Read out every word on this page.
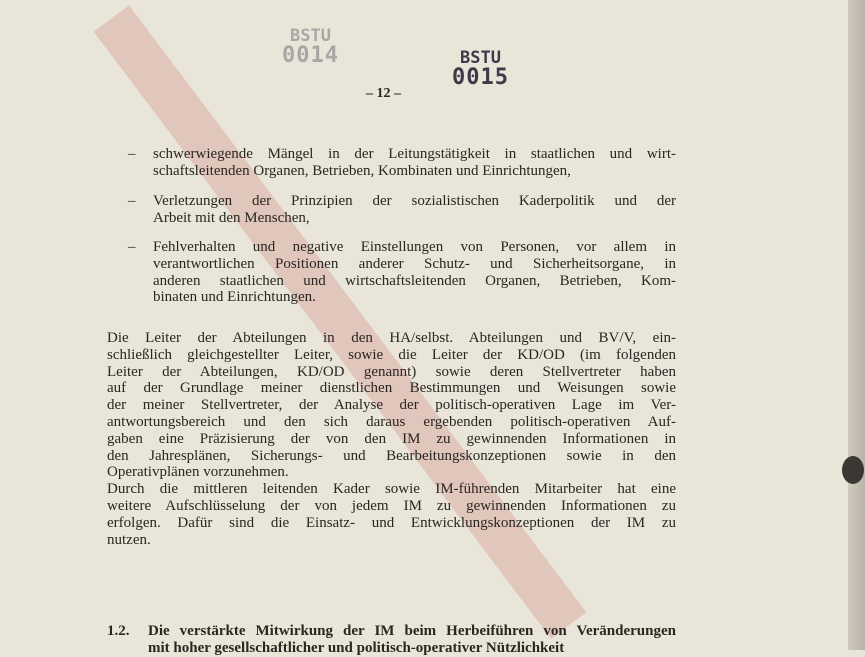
BSTU
0014	BSTU
0015
– 12 –
– schwerwiegende Mängel in der Leitungstätigkeit in staatlichen und wirt-
schaftsleitenden Organen, Betrieben, Kombinaten und Einrichtungen,
– Verletzungen der Prinzipien der sozialistischen Kaderpolitik und der
Arbeit mit den Menschen,
– Fehlverhalten und negative Einstellungen von Personen, vor allem in
verantwortlichen Positionen anderer Schutz- und Sicherheitsorgane, in
anderen staatlichen und wirtschaftsleitenden Organen, Betrieben, Kom-
binaten und Einrichtungen.
Die Leiter der Abteilungen in den HA/selbst. Abteilungen und BV/V, ein-
schließlich gleichgestellter Leiter, sowie die Leiter der KD/OD (im folgenden
Leiter der Abteilungen, KD/OD genannt) sowie deren Stellvertreter haben
auf der Grundlage meiner dienstlichen Bestimmungen und Weisungen sowie
der meiner Stellvertreter, der Analyse der politisch-operativen Lage im Ver-
antwortungsbereich und den sich daraus ergebenden politisch-operativen Auf-
gaben eine Präzisierung der von den IM zu gewinnenden Informationen in
den Jahresplänen, Sicherungs- und Bearbeitungskonzeptionen sowie in den
Operativplänen vorzunehmen.
Durch die mittleren leitenden Kader sowie IM-führenden Mitarbeiter hat eine
weitere Aufschlüsselung der von jedem IM zu gewinnenden Informationen zu
erfolgen. Dafür sind die Einsatz- und Entwicklungskonzeptionen der IM zu
nutzen.
1.2. Die verstärkte Mitwirkung der IM beim Herbeiführen von Veränderungen
mit hoher gesellschaftlicher und politisch-operativer Nützlichkeit
